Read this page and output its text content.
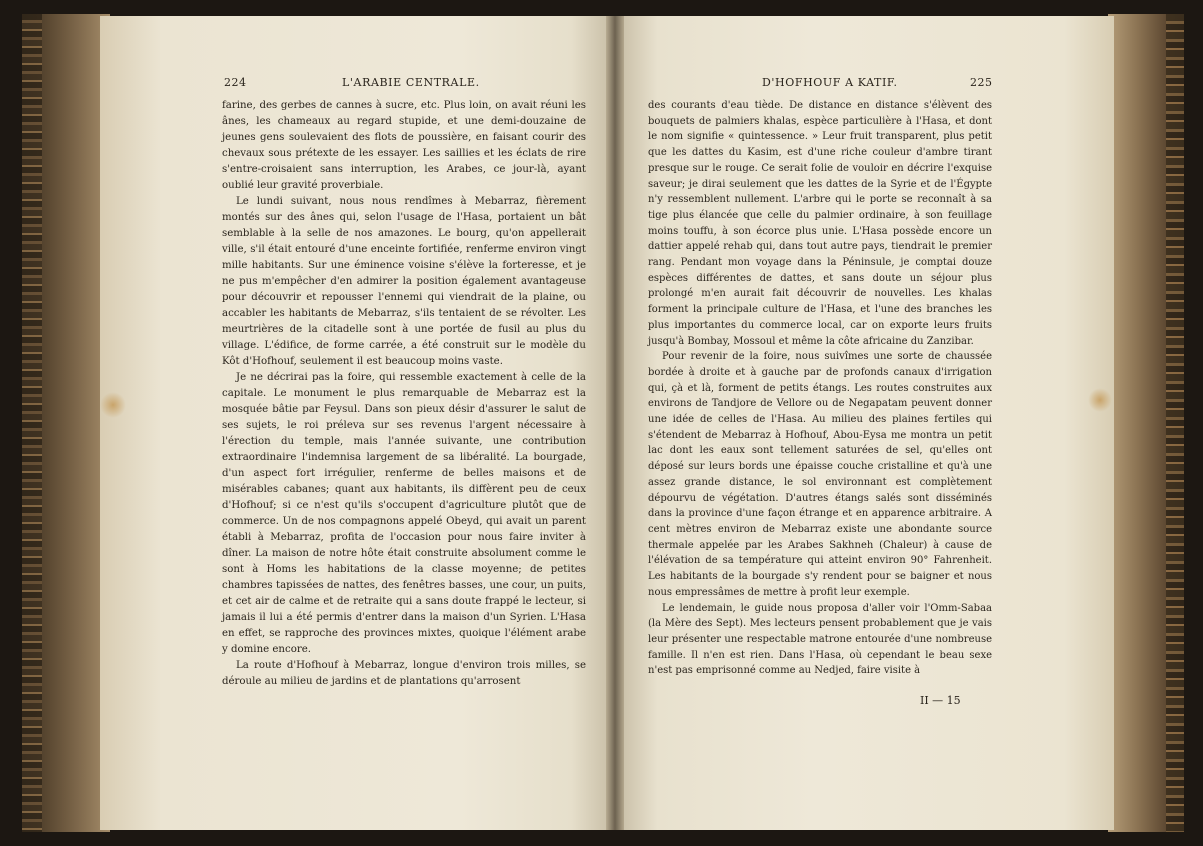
224	L'ARABIE CENTRALE.	D'HOFHOUF A KATIF.	225

farine, des gerbes de cannes à sucre, etc. Plus loin, on avait réuni les ânes, les chameaux au regard stupide, et une demi-douzaine de jeunes gens soulevaient des flots de poussière, en faisant courir des chevaux sous prétexte de les essayer. Les saillies et les éclats de rire s'entre-croisaient sans interruption, les Arabes, ce jour-là, ayant oublié leur gravité proverbiale.

Le lundi suivant, nous nous rendîmes à Mebarraz, fièrement montés sur des ânes qui, selon l'usage de l'Hasa, portaient un bât semblable à la selle de nos amazones. Le bourg, qu'on appellerait ville, s'il était entouré d'une enceinte fortifiée, renferme environ vingt mille habitants. Sur une éminence voisine s'élève la forteresse, et je ne pus m'empêcher d'en admirer la position également avantageuse pour découvrir et repousser l'ennemi qui viendrait de la plaine, ou accabler les habitants de Mebarraz, s'ils tentaient de se révolter. Les meurtrières de la citadelle sont à une portée de fusil au plus du village. L'édifice, de forme carrée, a été construit sur le modèle du Kôt d'Hofhouf, seulement il est beaucoup moins vaste.

Je ne décrirai pas la foire, qui ressemble exactement à celle de la capitale. Le monument le plus remarquable de Mebarraz est la mosquée bâtie par Feysul. Dans son pieux désir d'assurer le salut de ses sujets, le roi préleva sur ses revenus l'argent nécessaire à l'érection du temple, mais l'année suivante, une contribution extraordinaire l'indemnisa largement de sa libéralité. La bourgade, d'un aspect fort irrégulier, renferme de belles maisons et de misérables cabanes; quant aux habitants, ils diffèrent peu de ceux d'Hofhouf; si ce n'est qu'ils s'occupent d'agriculture plutôt que de commerce. Un de nos compagnons appelé Obeyd, qui avait un parent établi à Mebarraz, profita de l'occasion pour nous faire inviter à dîner. La maison de notre hôte était construite absolument comme le sont à Homs les habitations de la classe moyenne; de petites chambres tapissées de nattes, des fenêtres basses, une cour, un puits, et cet air de calme et de retraite qui a sans doute frappé le lecteur, si jamais il lui a été permis d'entrer dans la maison d'un Syrien. L'Hasa en effet, se rapproche des provinces mixtes, quoique l'élément arabe y domine encore.

La route d'Hofhouf à Mebarraz, longue d'environ trois milles, se déroule au milieu de jardins et de plantations qu'arrosent

des courants d'eau tiède. De distance en distance s'élèvent des bouquets de palmiers khalas, espèce particulière à l'Hasa, et dont le nom signifie « quintessence. » Leur fruit transparent, plus petit que les dattes du Kasim, est d'une riche couleur d'ambre tirant presque sur le rouge. Ce serait folie de vouloir en décrire l'exquise saveur; je dirai seulement que les dattes de la Syrie et de l'Égypte n'y ressemblent nullement. L'arbre qui le porte se reconnaît à sa tige plus élancée que celle du palmier ordinaire, à son feuillage moins touffu, à son écorce plus unie. L'Hasa possède encore un dattier appelé rehab qui, dans tout autre pays, tiendrait le premier rang. Pendant mon voyage dans la Péninsule, je comptai douze espèces différentes de dattes, et sans doute un séjour plus prolongé m'en aurait fait découvrir de nouvelles. Les khalas forment la principale culture de l'Hasa, et l'une des branches les plus importantes du commerce local, car on exporte leurs fruits jusqu'à Bombay, Mossoul et même la côte africaine du Zanzibar.

Pour revenir de la foire, nous suivîmes une sorte de chaussée bordée à droite et à gauche par de profonds canaux d'irrigation qui, çà et là, forment de petits étangs. Les routes construites aux environs de Tandjore de Vellore ou de Negapatam peuvent donner une idée de celles de l'Hasa. Au milieu des plaines fertiles qui s'étendent de Mebarraz à Hofhouf, Abou-Eysa me montra un petit lac dont les eaux sont tellement saturées de sel, qu'elles ont déposé sur leurs bords une épaisse couche cristalline et qu'à une assez grande distance, le sol environnant est complètement dépourvu de végétation. D'autres étangs salés sont disséminés dans la province d'une façon étrange et en apparence arbitraire. A cent mètres environ de Mebarraz existe une abondante source thermale appelée par les Arabes Sakhneh (Chaleur) à cause de l'élévation de sa température qui atteint environ 90° Fahrenheit. Les habitants de la bourgade s'y rendent pour se baigner et nous nous empressâmes de mettre à profit leur exemple.

Le lendemain, le guide nous proposa d'aller voir l'Omm-Sabaa (la Mère des Sept). Mes lecteurs pensent probablement que je vais leur présenter une respectable matrone entourée d'une nombreuse famille. Il n'en est rien. Dans l'Hasa, où cependant le beau sexe n'est pas emprisonné comme au Nedjed, faire visite à

II — 15
